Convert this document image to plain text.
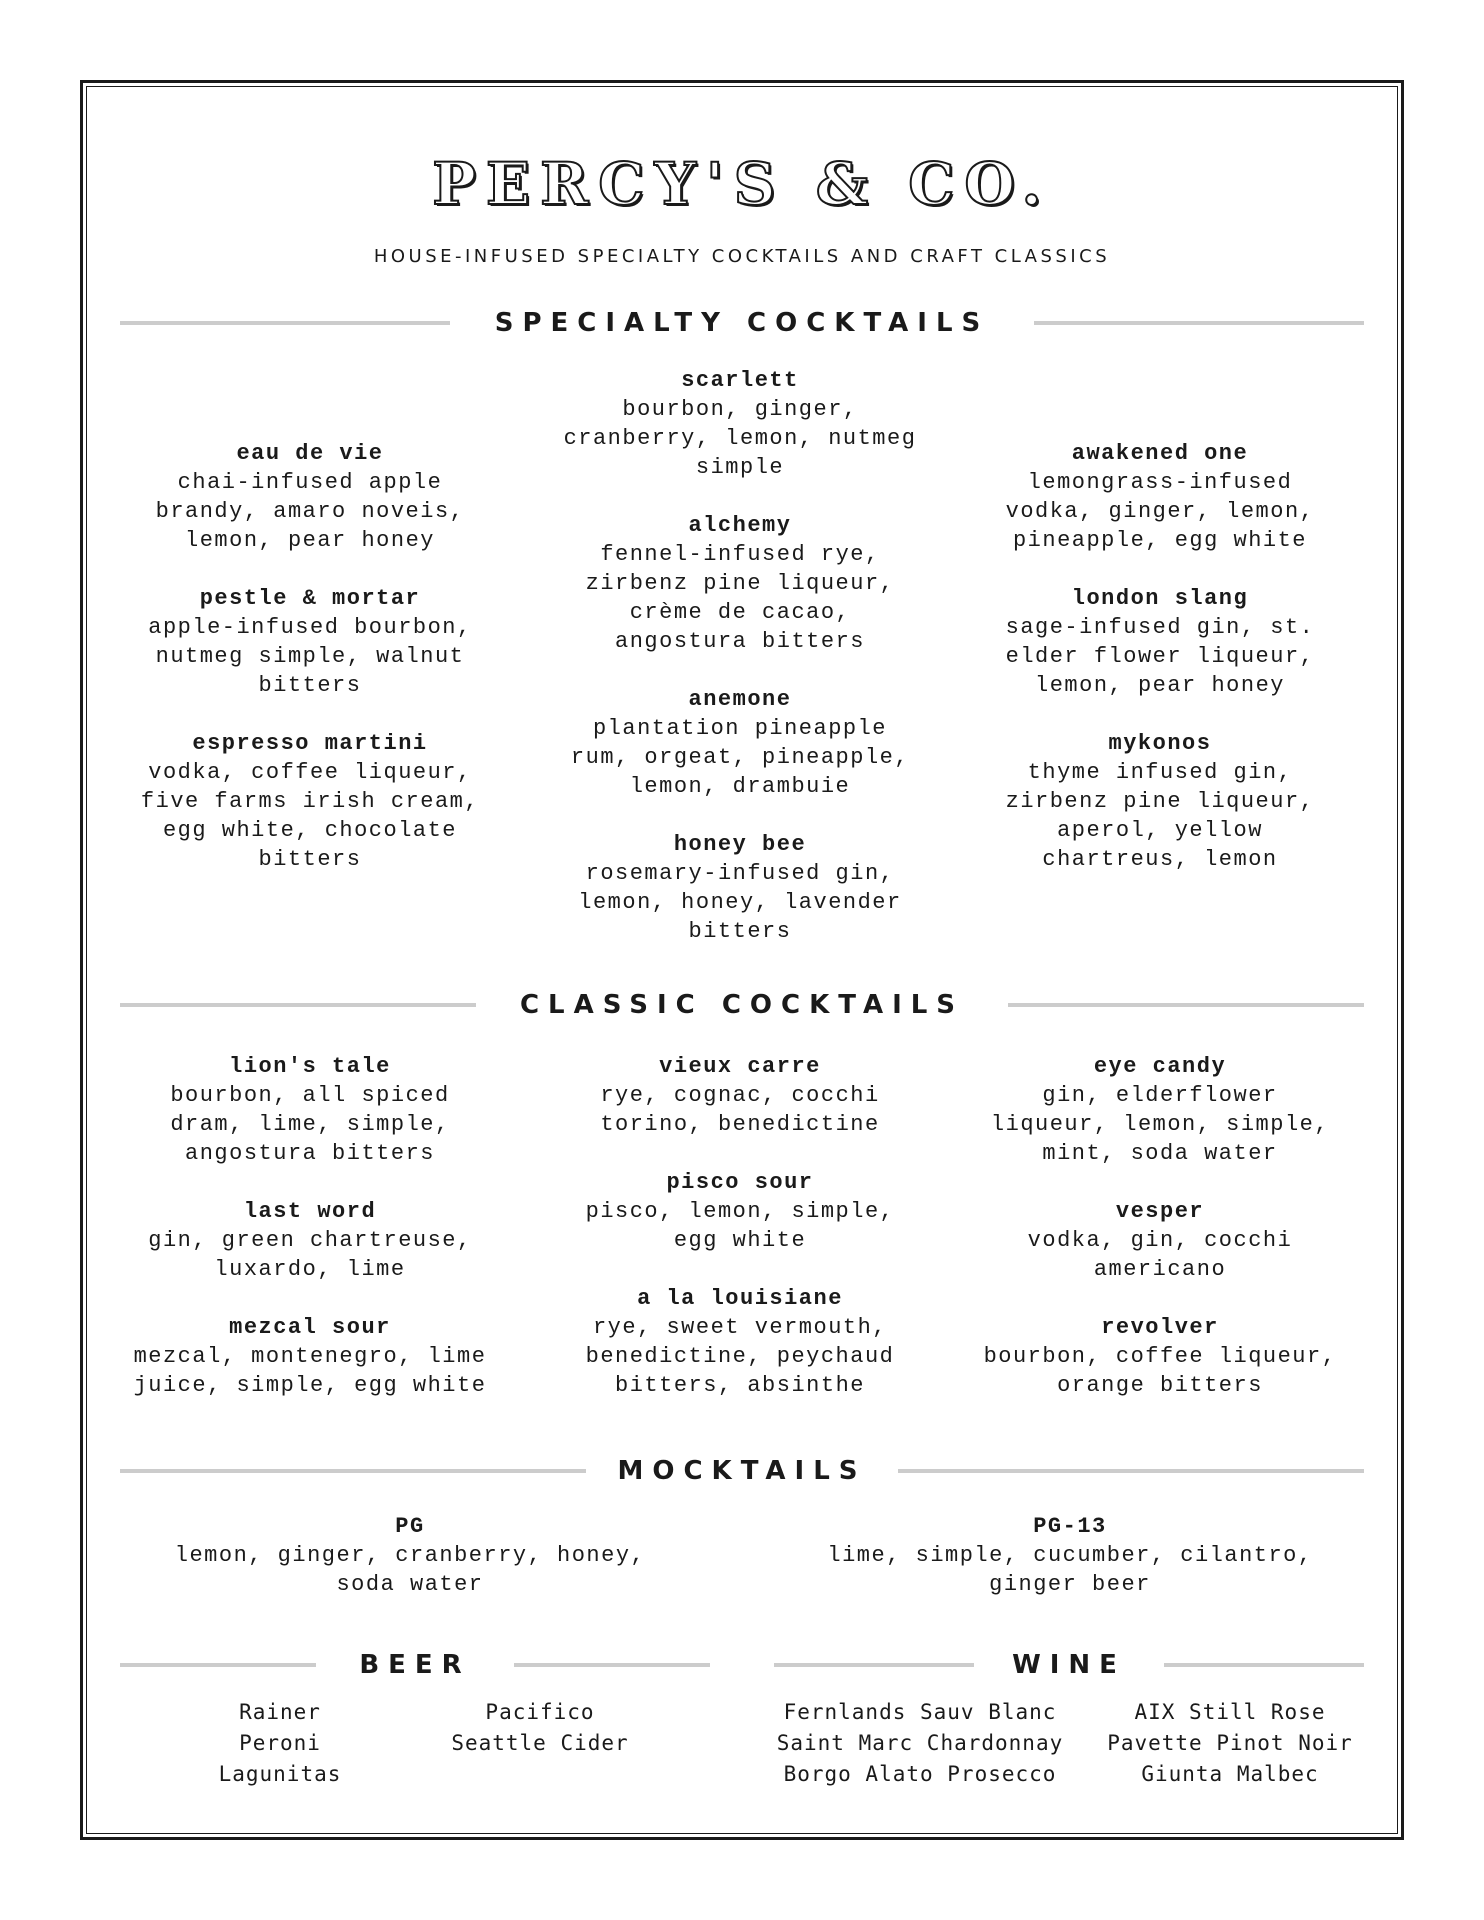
PERCY'S & CO.
HOUSE-INFUSED SPECIALTY COCKTAILS AND CRAFT CLASSICS
SPECIALTY COCKTAILS
eau de vie
chai-infused apple
brandy, amaro noveis,
lemon, pear honey
pestle & mortar
apple-infused bourbon,
nutmeg simple, walnut
bitters
espresso martini
vodka, coffee liqueur,
five farms irish cream,
egg white, chocolate
bitters
scarlett
bourbon, ginger,
cranberry, lemon, nutmeg
simple
alchemy
fennel-infused rye,
zirbenz pine liqueur,
crème de cacao,
angostura bitters
anemone
plantation pineapple
rum, orgeat, pineapple,
lemon, drambuie
honey bee
rosemary-infused gin,
lemon, honey, lavender
bitters
awakened one
lemongrass-infused
vodka, ginger, lemon,
pineapple, egg white
london slang
sage-infused gin, st.
elder flower liqueur,
lemon, pear honey
mykonos
thyme infused gin,
zirbenz pine liqueur,
aperol, yellow
chartreus, lemon
CLASSIC COCKTAILS
lion's tale
bourbon, all spiced
dram, lime, simple,
angostura bitters
last word
gin, green chartreuse,
luxardo, lime
mezcal sour
mezcal, montenegro, lime
juice, simple, egg white
vieux carre
rye, cognac, cocchi
torino, benedictine
pisco sour
pisco, lemon, simple,
egg white
a la louisiane
rye, sweet vermouth,
benedictine, peychaud
bitters, absinthe
eye candy
gin, elderflower
liqueur, lemon, simple,
mint, soda water
vesper
vodka, gin, cocchi
americano
revolver
bourbon, coffee liqueur,
orange bitters
MOCKTAILS
PG
lemon, ginger, cranberry, honey,
soda water
PG-13
lime, simple, cucumber, cilantro,
ginger beer
BEER
Rainer
Peroni
Lagunitas
Pacifico
Seattle Cider
WINE
Fernlands Sauv Blanc
Saint Marc Chardonnay
Borgo Alato Prosecco
AIX Still Rose
Pavette Pinot Noir
Giunta Malbec
